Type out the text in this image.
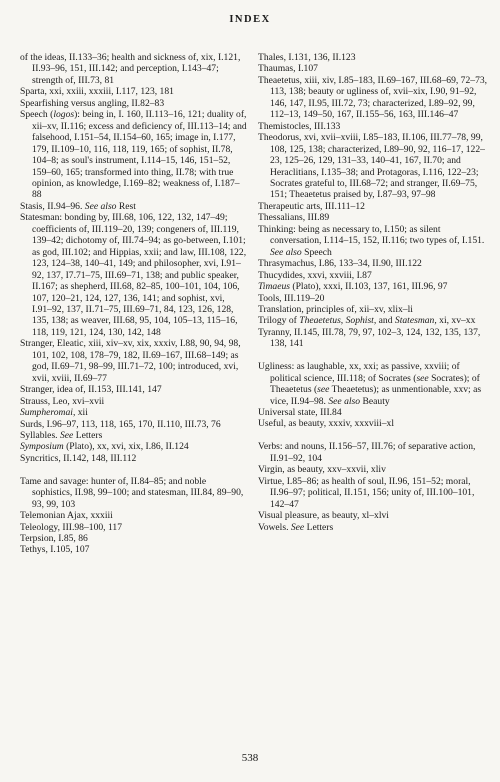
INDEX

of the ideas, II.133–36; health and sickness of, xix, I.121, II.93–96, 151, III.142; and perception, I.143–47; strength of, III.73, 81

Sparta, xxi, xxiii, xxxiii, I.117, 123, 181

Spearfishing versus angling, II.82–83

Speech (logos): being in, I. 160, II.113–16, 121; duality of, xii–xv, II.116; excess and deficiency of, III.113–14; and falsehood, I.151–54, II.154–60, 165; image in, I.177, 179, II.109–10, 116, 118, 119, 165; of sophist, II.78, 104–8; as soul's instrument, I.114–15, 146, 151–52, 159–60, 165; transformed into thing, II.78; with true opinion, as knowledge, I.169–82; weakness of, I.187–88

Stasis, II.94–96. See also Rest

Statesman: bonding by, III.68, 106, 122, 132, 147–49; coefficients of, III.119–20, 139; congeners of, III.119, 139–42; dichotomy of, III.74–94; as go-between, I.101; as god, III.102; and Hippias, xxii; and law, III.108, 122, 123, 124–38, 140–41, 149; and philosopher, xvi, I.91–92, 137, I7.71–75, III.69–71, 138; and public speaker, II.167; as shepherd, III.68, 82–85, 100–101, 104, 106, 107, 120–21, 124, 127, 136, 141; and sophist, xvi, I.91–92, 137, II.71–75, III.69–71, 84, 123, 126, 128, 135, 138; as weaver, III.68, 95, 104, 105–13, 115–16, 118, 119, 121, 124, 130, 142, 148

Stranger, Eleatic, xiii, xiv–xv, xix, xxxiv, I.88, 90, 94, 98, 101, 102, 108, 178–79, 182, II.69–167, III.68–149; as god, II.69–71, 98–99, III.71–72, 100; introduced, xvi, xvii, xviii, II.69–77

Stranger, idea of, II.153, III.141, 147

Strauss, Leo, xvi–xvii

Sumpheromai, xii

Surds, I.96–97, 113, 118, 165, 170, II.110, III.73, 76

Syllables. See Letters

Symposium (Plato), xx, xvi, xix, I.86, II.124

Syncritics, II.142, 148, III.112

Tame and savage: hunter of, II.84–85; and noble sophistics, II.98, 99–100; and statesman, III.84, 89–90, 93, 99, 103

Telemonian Ajax, xxxiii

Teleology, III.98–100, 117

Terpsion, I.85, 86

Tethys, I.105, 107

Thales, I.131, 136, II.123

Thaumas, I.107

Theaetetus, xiii, xiv, I.85–183, II.69–167, III.68–69, 72–73, 113, 138; beauty or ugliness of, xvii–xix, I.90, 91–92, 146, 147, II.95, III.72, 73; characterized, I.89–92, 99, 112–13, 149–50, 167, II.155–56, 163, III.146–47

Themistocles, III.133

Theodorus, xvi, xvii–xviii, I.85–183, II.106, III.77–78, 99, 108, 125, 138; characterized, I.89–90, 92, 116–17, 122–23, 125–26, 129, 131–33, 140–41, 167, II.70; and Heraclitians, I.135–38; and Protagoras, I.116, 122–23; Socrates grateful to, III.68–72; and stranger, II.69–75, 151; Theaetetus praised by, I.87–93, 97–98

Therapeutic arts, III.111–12

Thessalians, III.89

Thinking: being as necessary to, I.150; as silent conversation, I.114–15, 152, II.116; two types of, I.151. See also Speech

Thrasymachus, I.86, 133–34, II.90, III.122

Thucydides, xxvi, xxviii, I.87

Timaeus (Plato), xxxi, II.103, 137, 161, III.96, 97

Tools, III.119–20

Translation, principles of, xii–xv, xlix–li

Trilogy of Theaetetus, Sophist, and Statesman, xi, xv–xx

Tyranny, II.145, III.78, 79, 97, 102–3, 124, 132, 135, 137, 138, 141

Ugliness: as laughable, xx, xxi; as passive, xxviii; of political science, III.118; of Socrates (see Socrates); of Theaetetus (see Theaetetus); as unmentionable, xxv; as vice, II.94–98. See also Beauty

Universal state, III.84

Useful, as beauty, xxxiv, xxxviii–xl

Verbs: and nouns, II.156–57, III.76; of separative action, II.91–92, 104

Virgin, as beauty, xxv–xxvii, xliv

Virtue, I.85–86; as health of soul, II.96, 151–52; moral, II.96–97; political, II.151, 156; unity of, III.100–101, 142–47

Visual pleasure, as beauty, xl–xlvi

Vowels. See Letters

538
